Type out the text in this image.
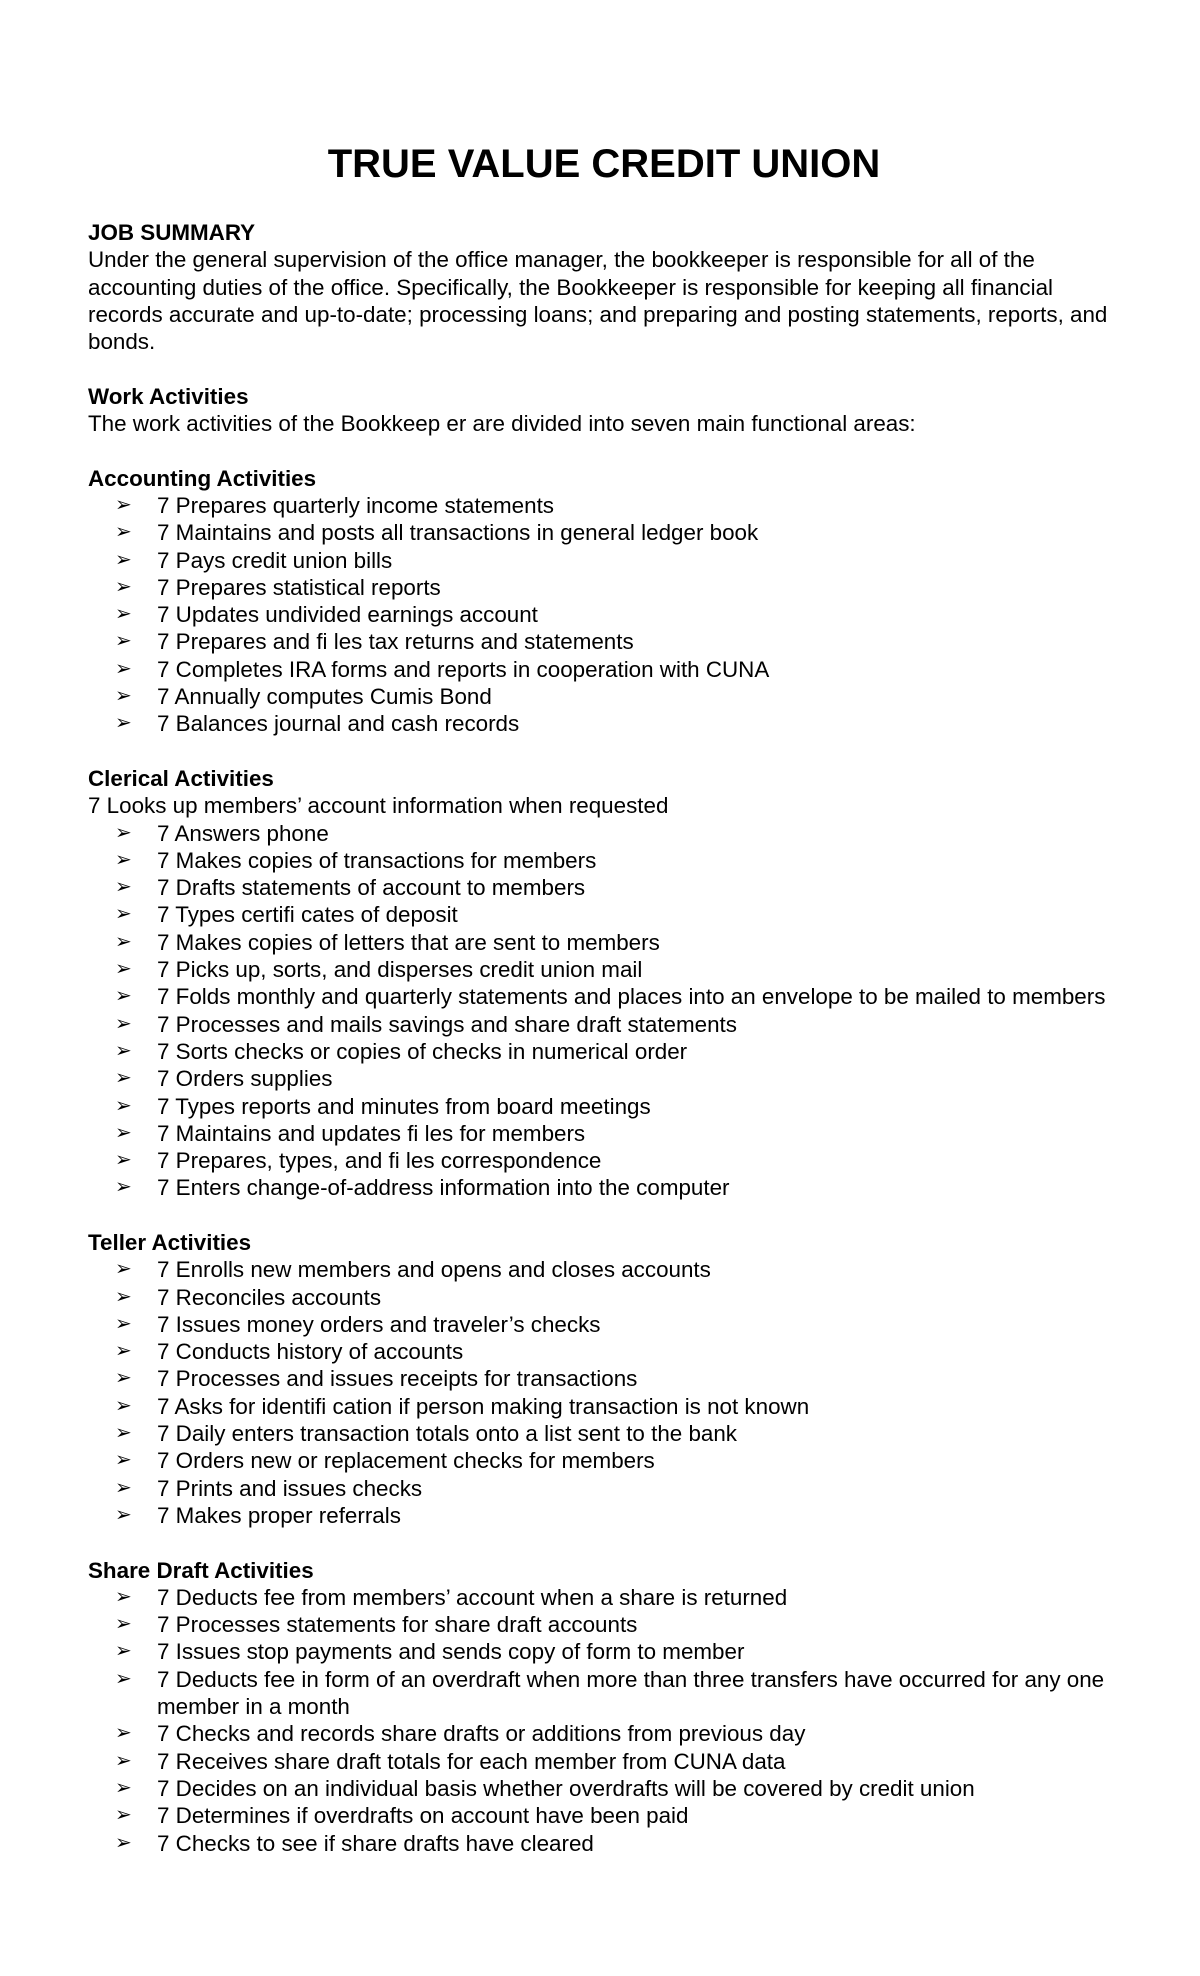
TRUE VALUE CREDIT UNION
JOB SUMMARY

Under the general supervision of the office manager, the bookkeeper is responsible for all of the accounting duties of the office. Specifically, the Bookkeeper is responsible for keeping all financial records accurate and up-to-date; processing loans; and preparing and posting statements, reports, and bonds.

Work Activities

The work activities of the Bookkeep er are divided into seven main functional areas:

Accounting Activities
➢ 7 Prepares quarterly income statements
➢ 7 Maintains and posts all transactions in general ledger book
➢ 7 Pays credit union bills
➢ 7 Prepares statistical reports
➢ 7 Updates undivided earnings account
➢ 7 Prepares and fi les tax returns and statements
➢ 7 Completes IRA forms and reports in cooperation with CUNA
➢ 7 Annually computes Cumis Bond
➢ 7 Balances journal and cash records
Clerical Activities
7 Looks up members’ account information when requested
➢ 7 Answers phone
➢ 7 Makes copies of transactions for members
➢ 7 Drafts statements of account to members
➢ 7 Types certifi cates of deposit
➢ 7 Makes copies of letters that are sent to members
➢ 7 Picks up, sorts, and disperses credit union mail
➢ 7 Folds monthly and quarterly statements and places into an envelope to be mailed to members
➢ 7 Processes and mails savings and share draft statements
➢ 7 Sorts checks or copies of checks in numerical order
➢ 7 Orders supplies
➢ 7 Types reports and minutes from board meetings
➢ 7 Maintains and updates fi les for members
➢ 7 Prepares, types, and fi les correspondence
➢ 7 Enters change-of-address information into the computer
Teller Activities
➢ 7 Enrolls new members and opens and closes accounts
➢ 7 Reconciles accounts
➢ 7 Issues money orders and traveler’s checks
➢ 7 Conducts history of accounts
➢ 7 Processes and issues receipts for transactions
➢ 7 Asks for identifi cation if person making transaction is not known
➢ 7 Daily enters transaction totals onto a list sent to the bank
➢ 7 Orders new or replacement checks for members
➢ 7 Prints and issues checks
➢ 7 Makes proper referrals
Share Draft Activities
➢ 7 Deducts fee from members’ account when a share is returned
➢ 7 Processes statements for share draft accounts
➢ 7 Issues stop payments and sends copy of form to member
➢ 7 Deducts fee in form of an overdraft when more than three transfers have occurred for any one member in a month
➢ 7 Checks and records share drafts or additions from previous day
➢ 7 Receives share draft totals for each member from CUNA data
➢ 7 Decides on an individual basis whether overdrafts will be covered by credit union
➢ 7 Determines if overdrafts on account have been paid
➢ 7 Checks to see if share drafts have cleared
